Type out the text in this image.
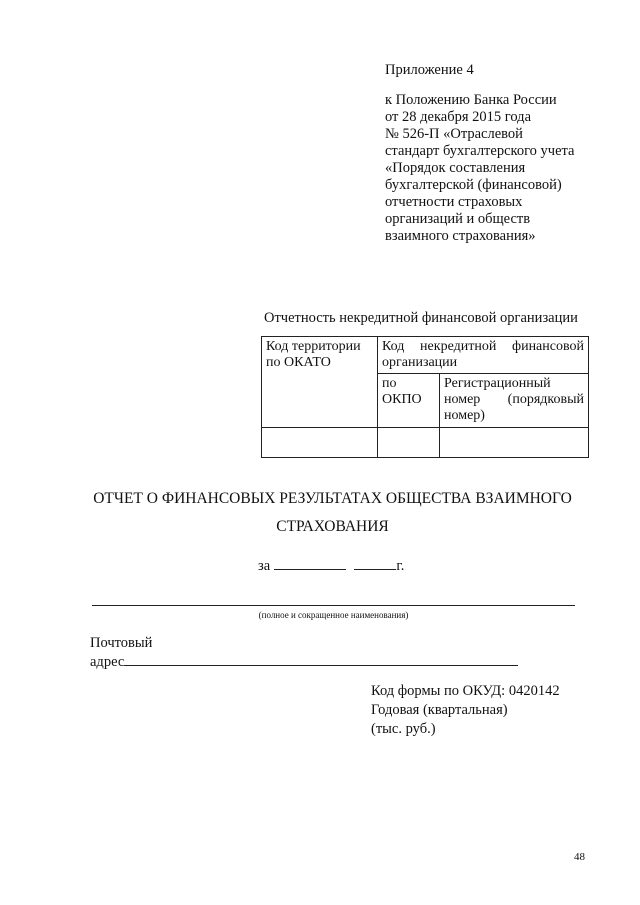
Приложение 4
к Положению Банка России
от 28 декабря 2015 года
№ 526-П «Отраслевой
стандарт бухгалтерского учета
«Порядок составления
бухгалтерской (финансовой)
отчетности страховых
организаций и обществ
взаимного страхования»
Отчетность некредитной финансовой организации
Код территории по ОКАТО	Код некредитной финансовой организации	

	по ОКПО	Регистрационный номер (порядковый номер)

ОТЧЕТ О ФИНАНСОВЫХ РЕЗУЛЬТАТАХ ОБЩЕСТВА ВЗАИМНОГО
СТРАХОВАНИЯ
за	г.
(полное и сокращенное наименования)
Почтовый
адрес
Код формы по ОКУД: 0420142
Годовая (квартальная)
(тыс. руб.)
48
